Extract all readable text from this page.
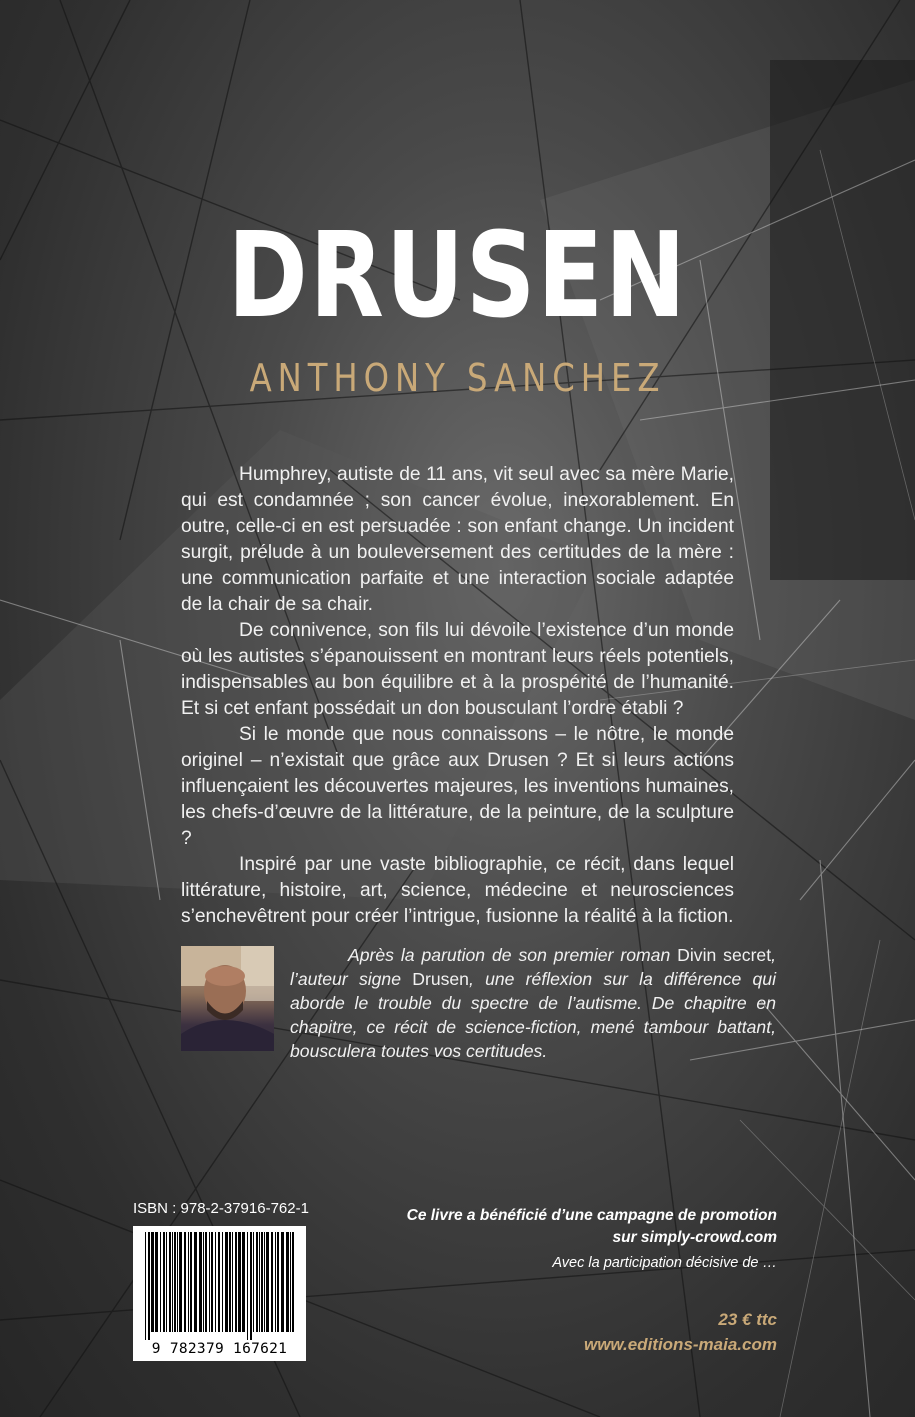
DRUSEN
ANTHONY SANCHEZ

Humphrey, autiste de 11 ans, vit seul avec sa mère Marie, qui est condamnée ; son cancer évolue, inexorablement. En outre, celle-ci en est persuadée : son enfant change. Un incident surgit, prélude à un bouleversement des certitudes de la mère : une communication parfaite et une interaction sociale adaptée de la chair de sa chair.

De connivence, son fils lui dévoile l’existence d’un monde où les autistes s’épanouissent en montrant leurs réels potentiels, indispensables au bon équilibre et à la prospérité de l’humanité. Et si cet enfant possédait un don bousculant l’ordre établi ?

Si le monde que nous connaissons – le nôtre, le monde originel – n’existait que grâce aux Drusen ? Et si leurs actions influençaient les découvertes majeures, les inventions humaines, les chefs-d’œuvre de la littérature, de la peinture, de la sculpture ?

Inspiré par une vaste bibliographie, ce récit, dans lequel littérature, histoire, art, science, médecine et neurosciences s’enchevêtrent pour créer l’intrigue, fusionne la réalité à la fiction.

Après la parution de son premier roman Divin secret, l’auteur signe Drusen, une réflexion sur la différence qui aborde le trouble du spectre de l’autisme. De chapitre en chapitre, ce récit de science-fiction, mené tambour battant, bousculera toutes vos certitudes.

ISBN : 978-2-37916-762-1
9 782379 167621
Ce livre a bénéficié d’une campagne de promotion
sur simply-crowd.com
Avec la participation décisive de …
23 € ttc
www.editions-maia.com
